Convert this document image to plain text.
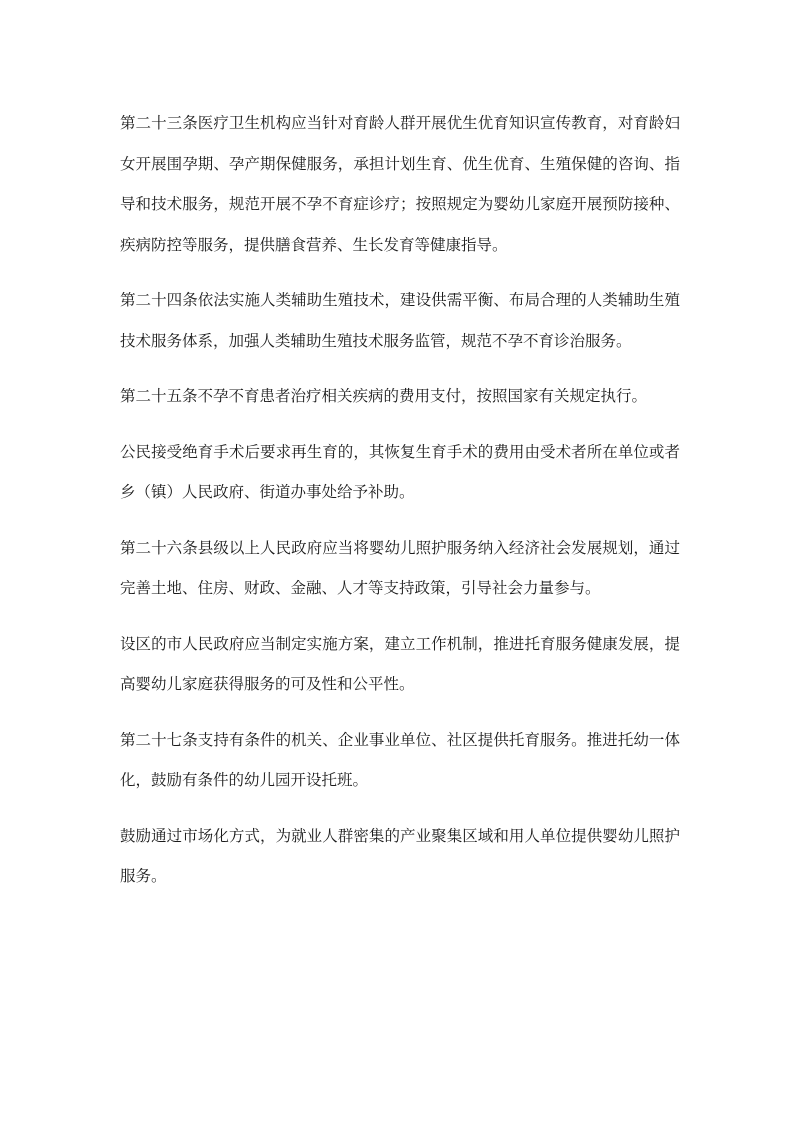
第二十三条医疗卫生机构应当针对育龄人群开展优生优育知识宣传教育，对育龄妇女开展围孕期、孕产期保健服务，承担计划生育、优生优育、生殖保健的咨询、指导和技术服务，规范开展不孕不育症诊疗；按照规定为婴幼儿家庭开展预防接种、疾病防控等服务，提供膳食营养、生长发育等健康指导。

第二十四条依法实施人类辅助生殖技术，建设供需平衡、布局合理的人类辅助生殖技术服务体系，加强人类辅助生殖技术服务监管，规范不孕不育诊治服务。

第二十五条不孕不育患者治疗相关疾病的费用支付，按照国家有关规定执行。

公民接受绝育手术后要求再生育的，其恢复生育手术的费用由受术者所在单位或者乡（镇）人民政府、街道办事处给予补助。

第二十六条县级以上人民政府应当将婴幼儿照护服务纳入经济社会发展规划，通过完善土地、住房、财政、金融、人才等支持政策，引导社会力量参与。

设区的市人民政府应当制定实施方案，建立工作机制，推进托育服务健康发展，提高婴幼儿家庭获得服务的可及性和公平性。

第二十七条支持有条件的机关、企业事业单位、社区提供托育服务。推进托幼一体化，鼓励有条件的幼儿园开设托班。

鼓励通过市场化方式，为就业人群密集的产业聚集区域和用人单位提供婴幼儿照护服务。
